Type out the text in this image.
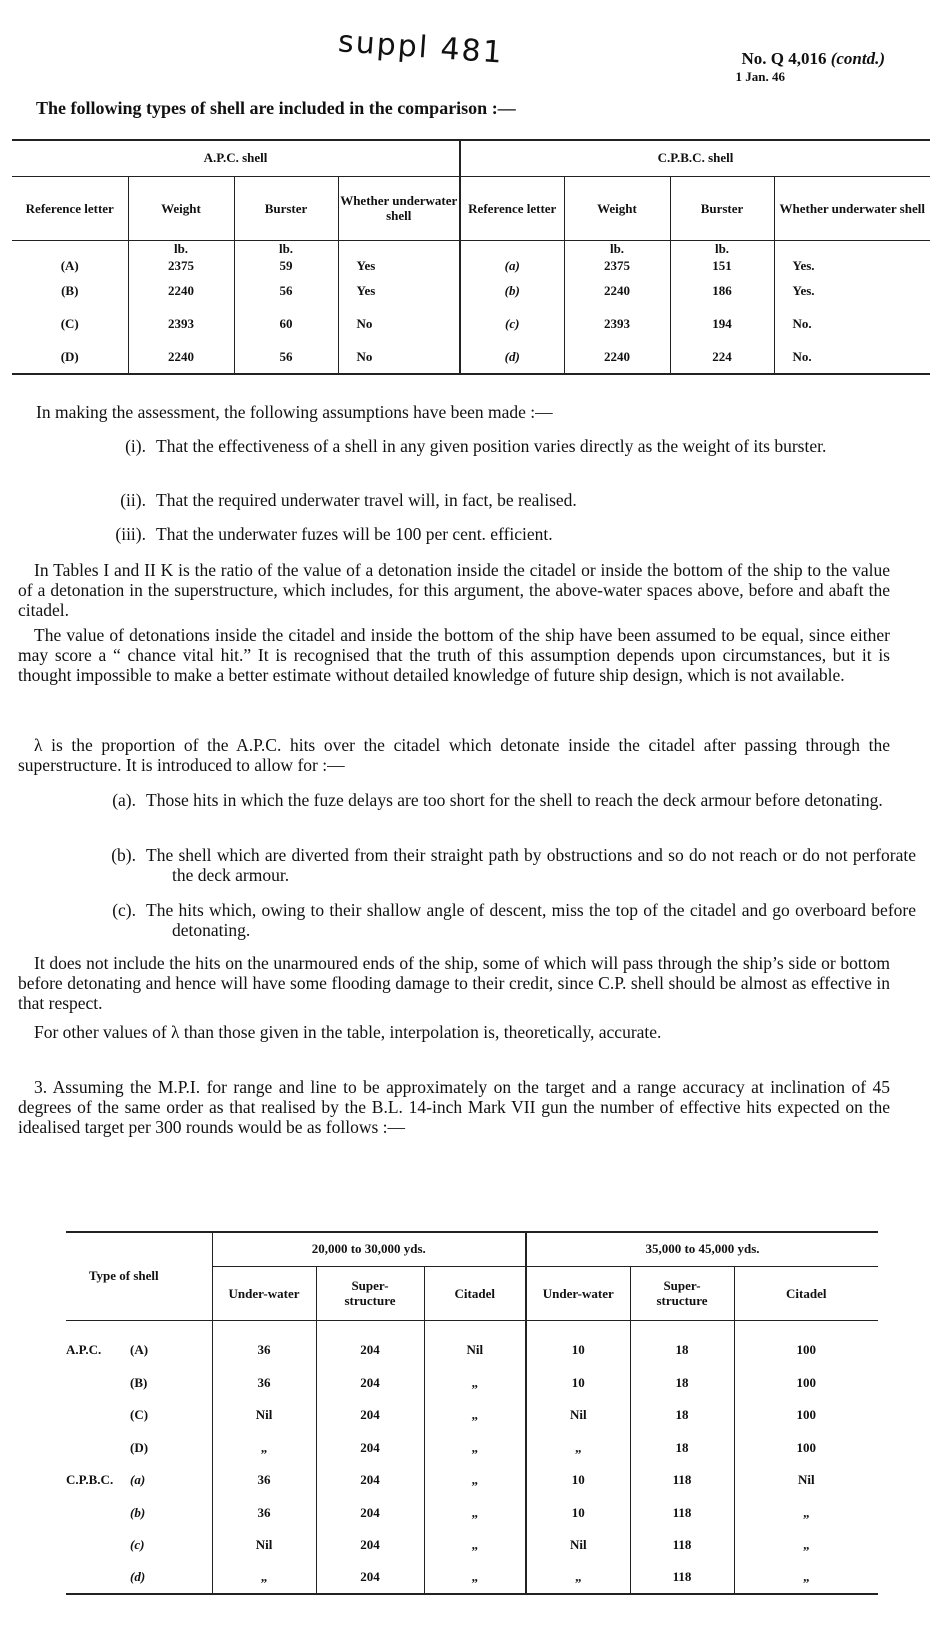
suppl 481	No. Q 4,016 (contd.)
1 Jan. 46
The following types of shell are included in the comparison :—
A.P.C. shell				C.P.B.C. shell			
Reference letter	Weight	Burster	Whether underwater shell	Reference letter	Weight	Burster	Whether underwater shell
	lb.	lb.			lb.	lb.	
(A)	2375	59	Yes	(a)	2375	151	Yes.
(B)	2240	56	Yes	(b)	2240	186	Yes.
(C)	2393	60	No	(c)	2393	194	No.
(D)	2240	56	No	(d)	2240	224	No.
In making the assessment, the following assumptions have been made :—
(i). That the effectiveness of a shell in any given position varies directly as the weight of its burster.
(ii). That the required underwater travel will, in fact, be realised.
(iii). That the underwater fuzes will be 100 per cent. efficient.
In Tables I and II K is the ratio of the value of a detonation inside the citadel or inside the bottom of the ship to the value of a detonation in the superstructure, which includes, for this argument, the above-water spaces above, before and abaft the citadel.
The value of detonations inside the citadel and inside the bottom of the ship have been assumed to be equal, since either may score a “ chance vital hit.” It is recognised that the truth of this assumption depends upon circumstances, but it is thought impossible to make a better estimate without detailed knowledge of future ship design, which is not available.
λ is the proportion of the A.P.C. hits over the citadel which detonate inside the citadel after passing through the superstructure. It is introduced to allow for :—
(a). Those hits in which the fuze delays are too short for the shell to reach the deck armour before detonating.
(b). The shell which are diverted from their straight path by obstructions and so do not reach or do not perforate the deck armour.
(c). The hits which, owing to their shallow angle of descent, miss the top of the citadel and go overboard before detonating.
It does not include the hits on the unarmoured ends of the ship, some of which will pass through the ship’s side or bottom before detonating and hence will have some flooding damage to their credit, since C.P. shell should be almost as effective in that respect.
For other values of λ than those given in the table, interpolation is, theoretically, accurate.
3. Assuming the M.P.I. for range and line to be approximately on the target and a range accuracy at inclination of 45 degrees of the same order as that realised by the B.L. 14-inch Mark VII gun the number of effective hits expected on the idealised target per 300 rounds would be as follows :—
Type of shell	20,000 to 30,000 yds.			35,000 to 45,000 yds.		
	Under-water	Super-structure	Citadel	Under-water	Super-structure	Citadel

A.P.C. (A)	36	204	Nil	10	18	100
(B)	36	204	„	10	18	100
(C)	Nil	204	„	Nil	18	100
(D)	„	204	„	„	18	100
C.P.B.C. (a)	36	204	„	10	118	Nil
(b)	36	204	„	10	118	„
(c)	Nil	204	„	Nil	118	„
(d)	„	204	„	„	118	„
